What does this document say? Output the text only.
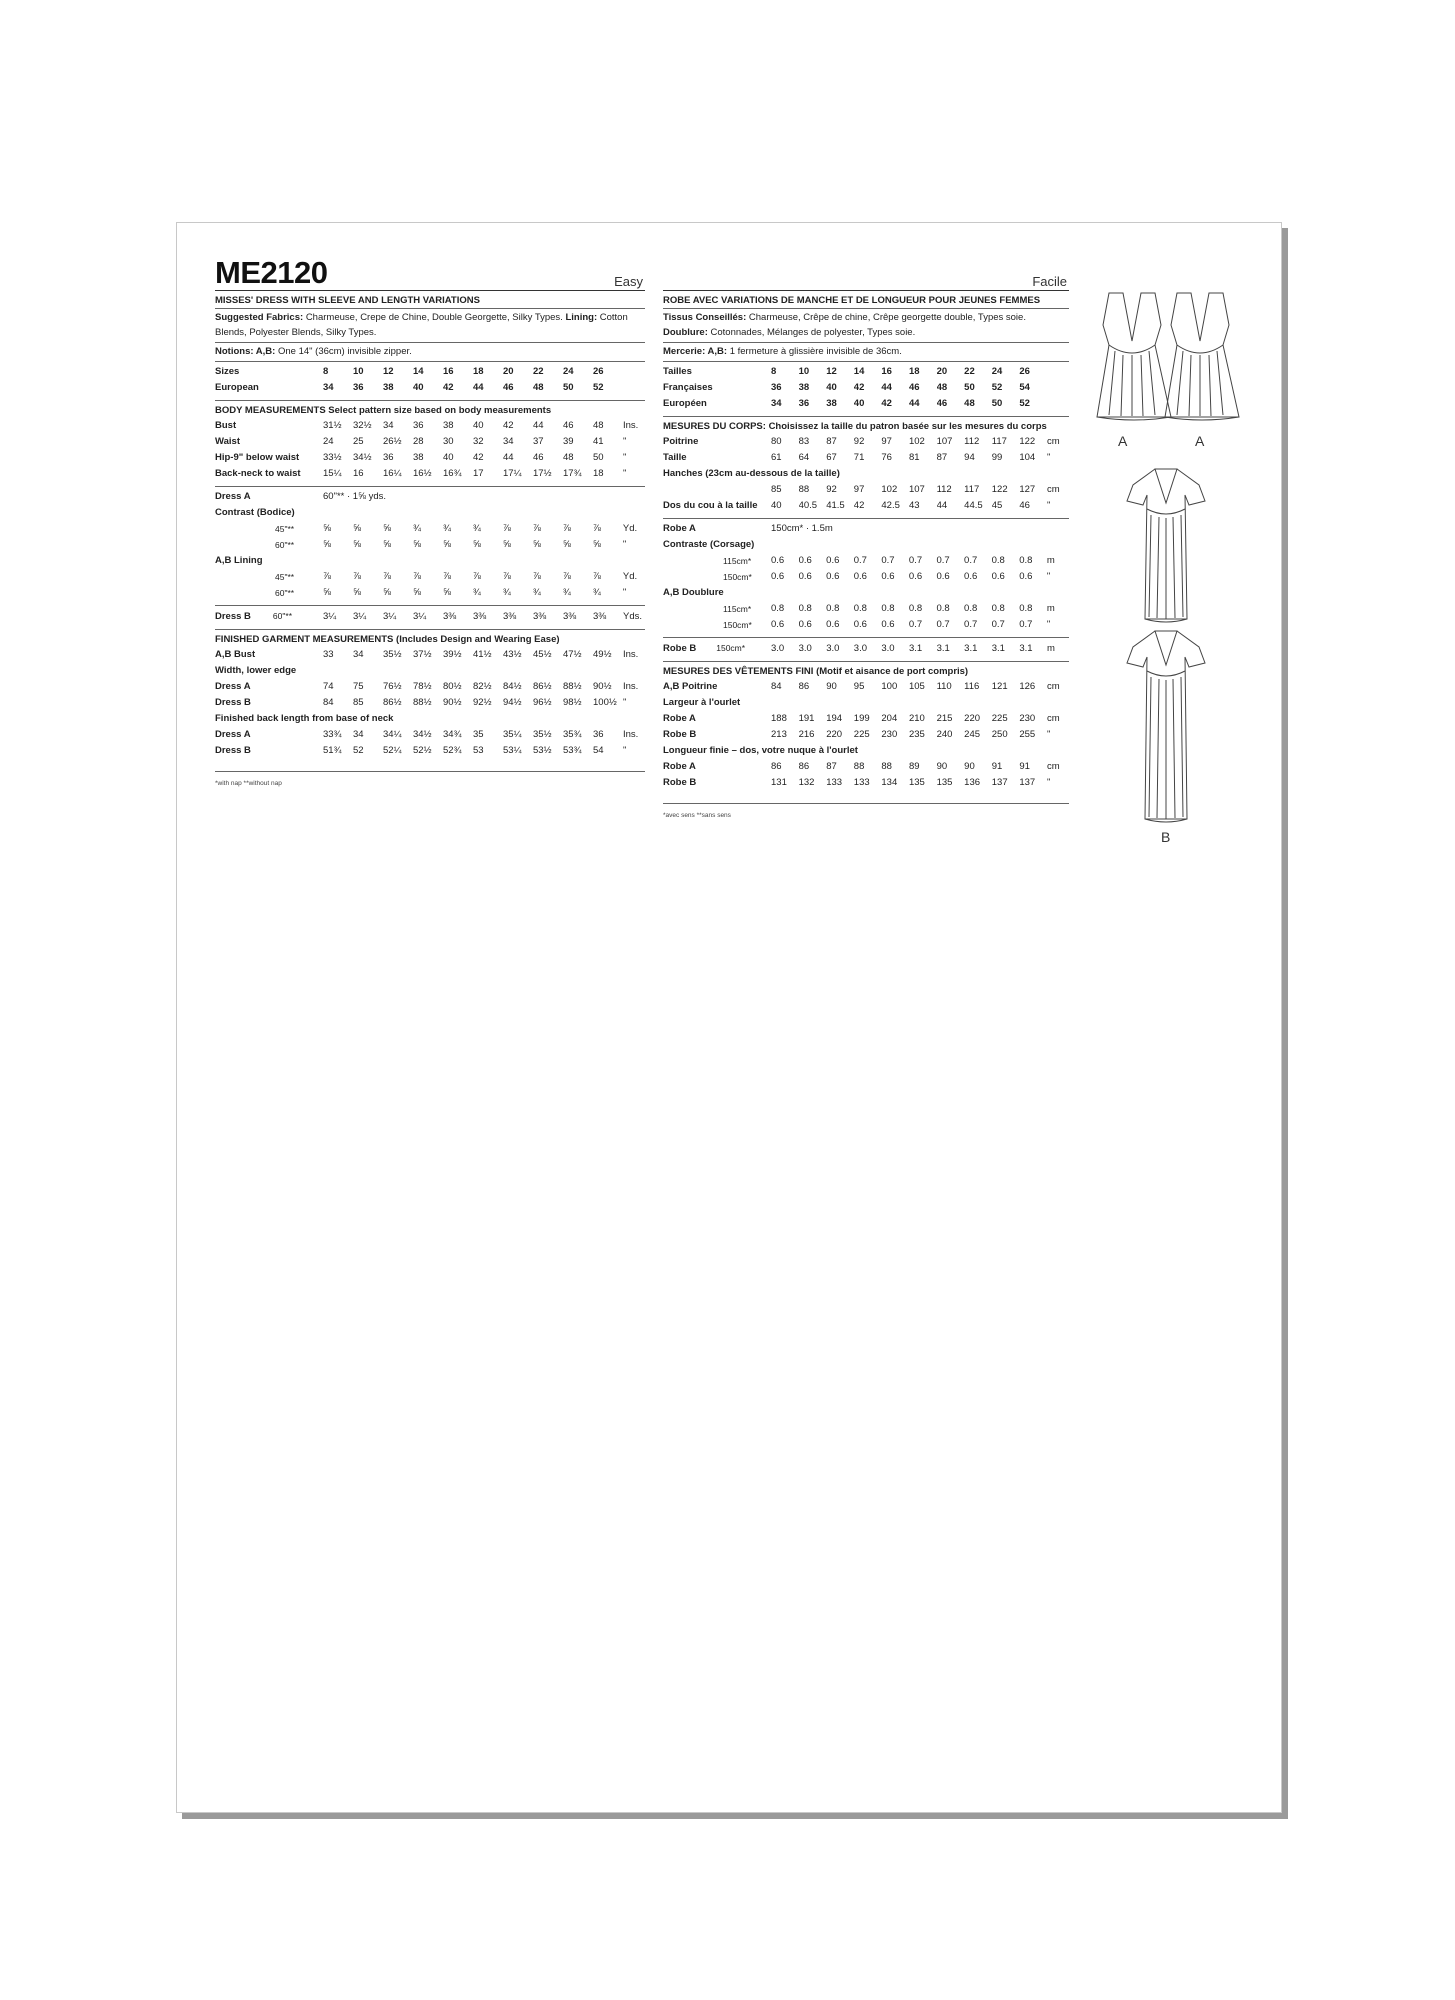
ME2120	Easy
MISSES' DRESS WITH SLEEVE AND LENGTH VARIATIONS
Suggested Fabrics: Charmeuse, Crepe de Chine, Double Georgette, Silky Types. Lining: Cotton Blends, Polyester Blends, Silky Types.
Notions: A,B: One 14" (36cm) invisible zipper.
Sizes	8	10	12	14	16	18	20	22	24	26	
European	34	36	38	40	42	44	46	48	50	52	
BODY MEASUREMENTS Select pattern size based on body measurements
Bust	31½	32½	34	36	38	40	42	44	46	48	Ins.
Waist	24	25	26½	28	30	32	34	37	39	41	"
Hip-9" below waist	33½	34½	36	38	40	42	44	46	48	50	"
Back-neck to waist	15¼	16	16¼	16½	16¾	17	17¼	17½	17¾	18	"
Dress A	60"** · 1⅝ yds.										
Contrast (Bodice)											
45"**	⅝	⅝	⅝	¾	¾	¾	⅞	⅞	⅞	⅞	Yd.
60"**	⅝	⅝	⅝	⅝	⅝	⅝	⅝	⅝	⅝	⅝	"
A,B Lining											
45"**	⅞	⅞	⅞	⅞	⅞	⅞	⅞	⅞	⅞	⅞	Yd.
60"**	⅝	⅝	⅝	⅝	⅝	¾	¾	¾	¾	¾	"
Dress B	60"**	3¼	3¼	3¼	3¼	3⅜	3⅜	3⅜	3⅜	3⅜	3⅜	Yds.
FINISHED GARMENT MEASUREMENTS (Includes Design and Wearing Ease)
A,B Bust	33	34	35½	37½	39½	41½	43½	45½	47½	49½	Ins.
Width, lower edge											
Dress A	74	75	76½	78½	80½	82½	84½	86½	88½	90½	Ins.
Dress B	84	85	86½	88½	90½	92½	94½	96½	98½	100½	"
Finished back length from base of neck											
Dress A	33¾	34	34¼	34½	34¾	35	35¼	35½	35¾	36	Ins.
Dress B	51¾	52	52¼	52½	52¾	53	53¼	53½	53¾	54	"
*with nap **without nap
Facile
ROBE AVEC VARIATIONS DE MANCHE ET DE LONGUEUR POUR JEUNES FEMMES
Tissus Conseillés: Charmeuse, Crêpe de chine, Crêpe georgette double, Types soie. Doublure: Cotonnades, Mélanges de polyester, Types soie.
Mercerie: A,B: 1 fermeture à glissière invisible de 36cm.
Tailles	8	10	12	14	16	18	20	22	24	26	
Françaises	36	38	40	42	44	46	48	50	52	54	
Européen	34	36	38	40	42	44	46	48	50	52	
MESURES DU CORPS: Choisissez la taille du patron basée sur les mesures du corps
Poitrine	80	83	87	92	97	102	107	112	117	122	cm
Taille	61	64	67	71	76	81	87	94	99	104	"
Hanches (23cm au-dessous de la taille)											
	85	88	92	97	102	107	112	117	122	127	cm
Dos du cou à la taille	40	40.5	41.5	42	42.5	43	44	44.5	45	46	"
Robe A	150cm* · 1.5m										
Contraste (Corsage)											
115cm*	0.6	0.6	0.6	0.7	0.7	0.7	0.7	0.7	0.8	0.8	m
150cm*	0.6	0.6	0.6	0.6	0.6	0.6	0.6	0.6	0.6	0.6	"
A,B Doublure											
115cm*	0.8	0.8	0.8	0.8	0.8	0.8	0.8	0.8	0.8	0.8	m
150cm*	0.6	0.6	0.6	0.6	0.6	0.7	0.7	0.7	0.7	0.7	"
Robe B 150cm*	3.0	3.0	3.0	3.0	3.0	3.1	3.1	3.1	3.1	3.1	m
MESURES DES VÊTEMENTS FINI (Motif et aisance de port compris)
A,B Poitrine	84	86	90	95	100	105	110	116	121	126	cm
Largeur à l'ourlet											
Robe A	188	191	194	199	204	210	215	220	225	230	cm
Robe B	213	216	220	225	230	235	240	245	250	255	"
Longueur finie – dos, votre nuque à l'ourlet											
Robe A	86	86	87	88	88	89	90	90	91	91	cm
Robe B	131	132	133	133	134	135	135	136	137	137	"
*avec sens **sans sens
A	A
B
